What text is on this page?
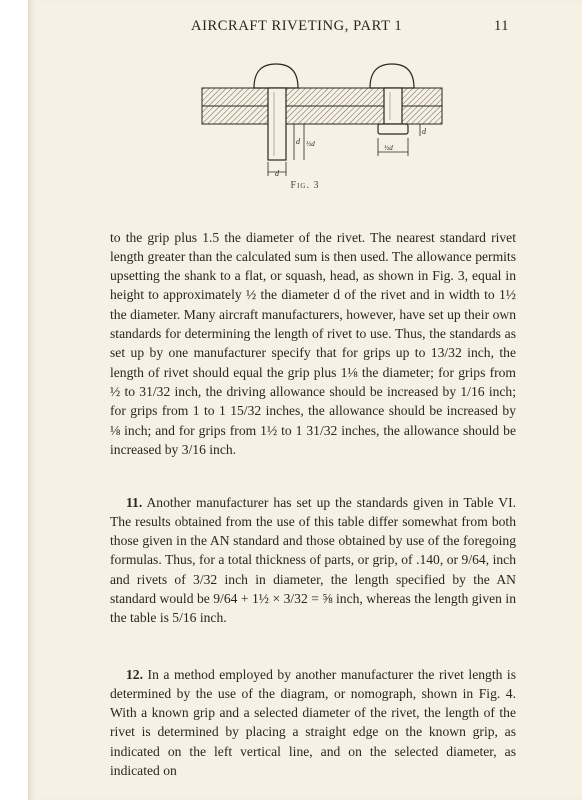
AIRCRAFT RIVETING, PART 1	11
d
d ½d
d
½d
Fig. 3

to the grip plus 1.5 the diameter of the rivet. The nearest standard rivet length greater than the calculated sum is then used. The allowance permits upsetting the shank to a flat, or squash, head, as shown in Fig. 3, equal in height to approximately ½ the diameter d of the rivet and in width to 1½ the diameter. Many aircraft manufacturers, however, have set up their own standards for determining the length of rivet to use. Thus, the standards as set up by one manufacturer specify that for grips up to 13/32 inch, the length of rivet should equal the grip plus 1⅛ the diameter; for grips from ½ to 31/32 inch, the driving allowance should be increased by 1/16 inch; for grips from 1 to 1 15/32 inches, the allowance should be increased by ⅛ inch; and for grips from 1½ to 1 31/32 inches, the allowance should be increased by 3/16 inch.

11. Another manufacturer has set up the standards given in Table VI. The results obtained from the use of this table differ somewhat from both those given in the AN standard and those obtained by use of the foregoing formulas. Thus, for a total thickness of parts, or grip, of .140, or 9/64, inch and rivets of 3/32 inch in diameter, the length specified by the AN standard would be 9/64 + 1½ × 3/32 = ⅝ inch, whereas the length given in the table is 5/16 inch.

12. In a method employed by another manufacturer the rivet length is determined by the use of the diagram, or nomograph, shown in Fig. 4. With a known grip and a selected diameter of the rivet, the length of the rivet is determined by placing a straight edge on the known grip, as indicated on the left vertical line, and on the selected diameter, as indicated on
